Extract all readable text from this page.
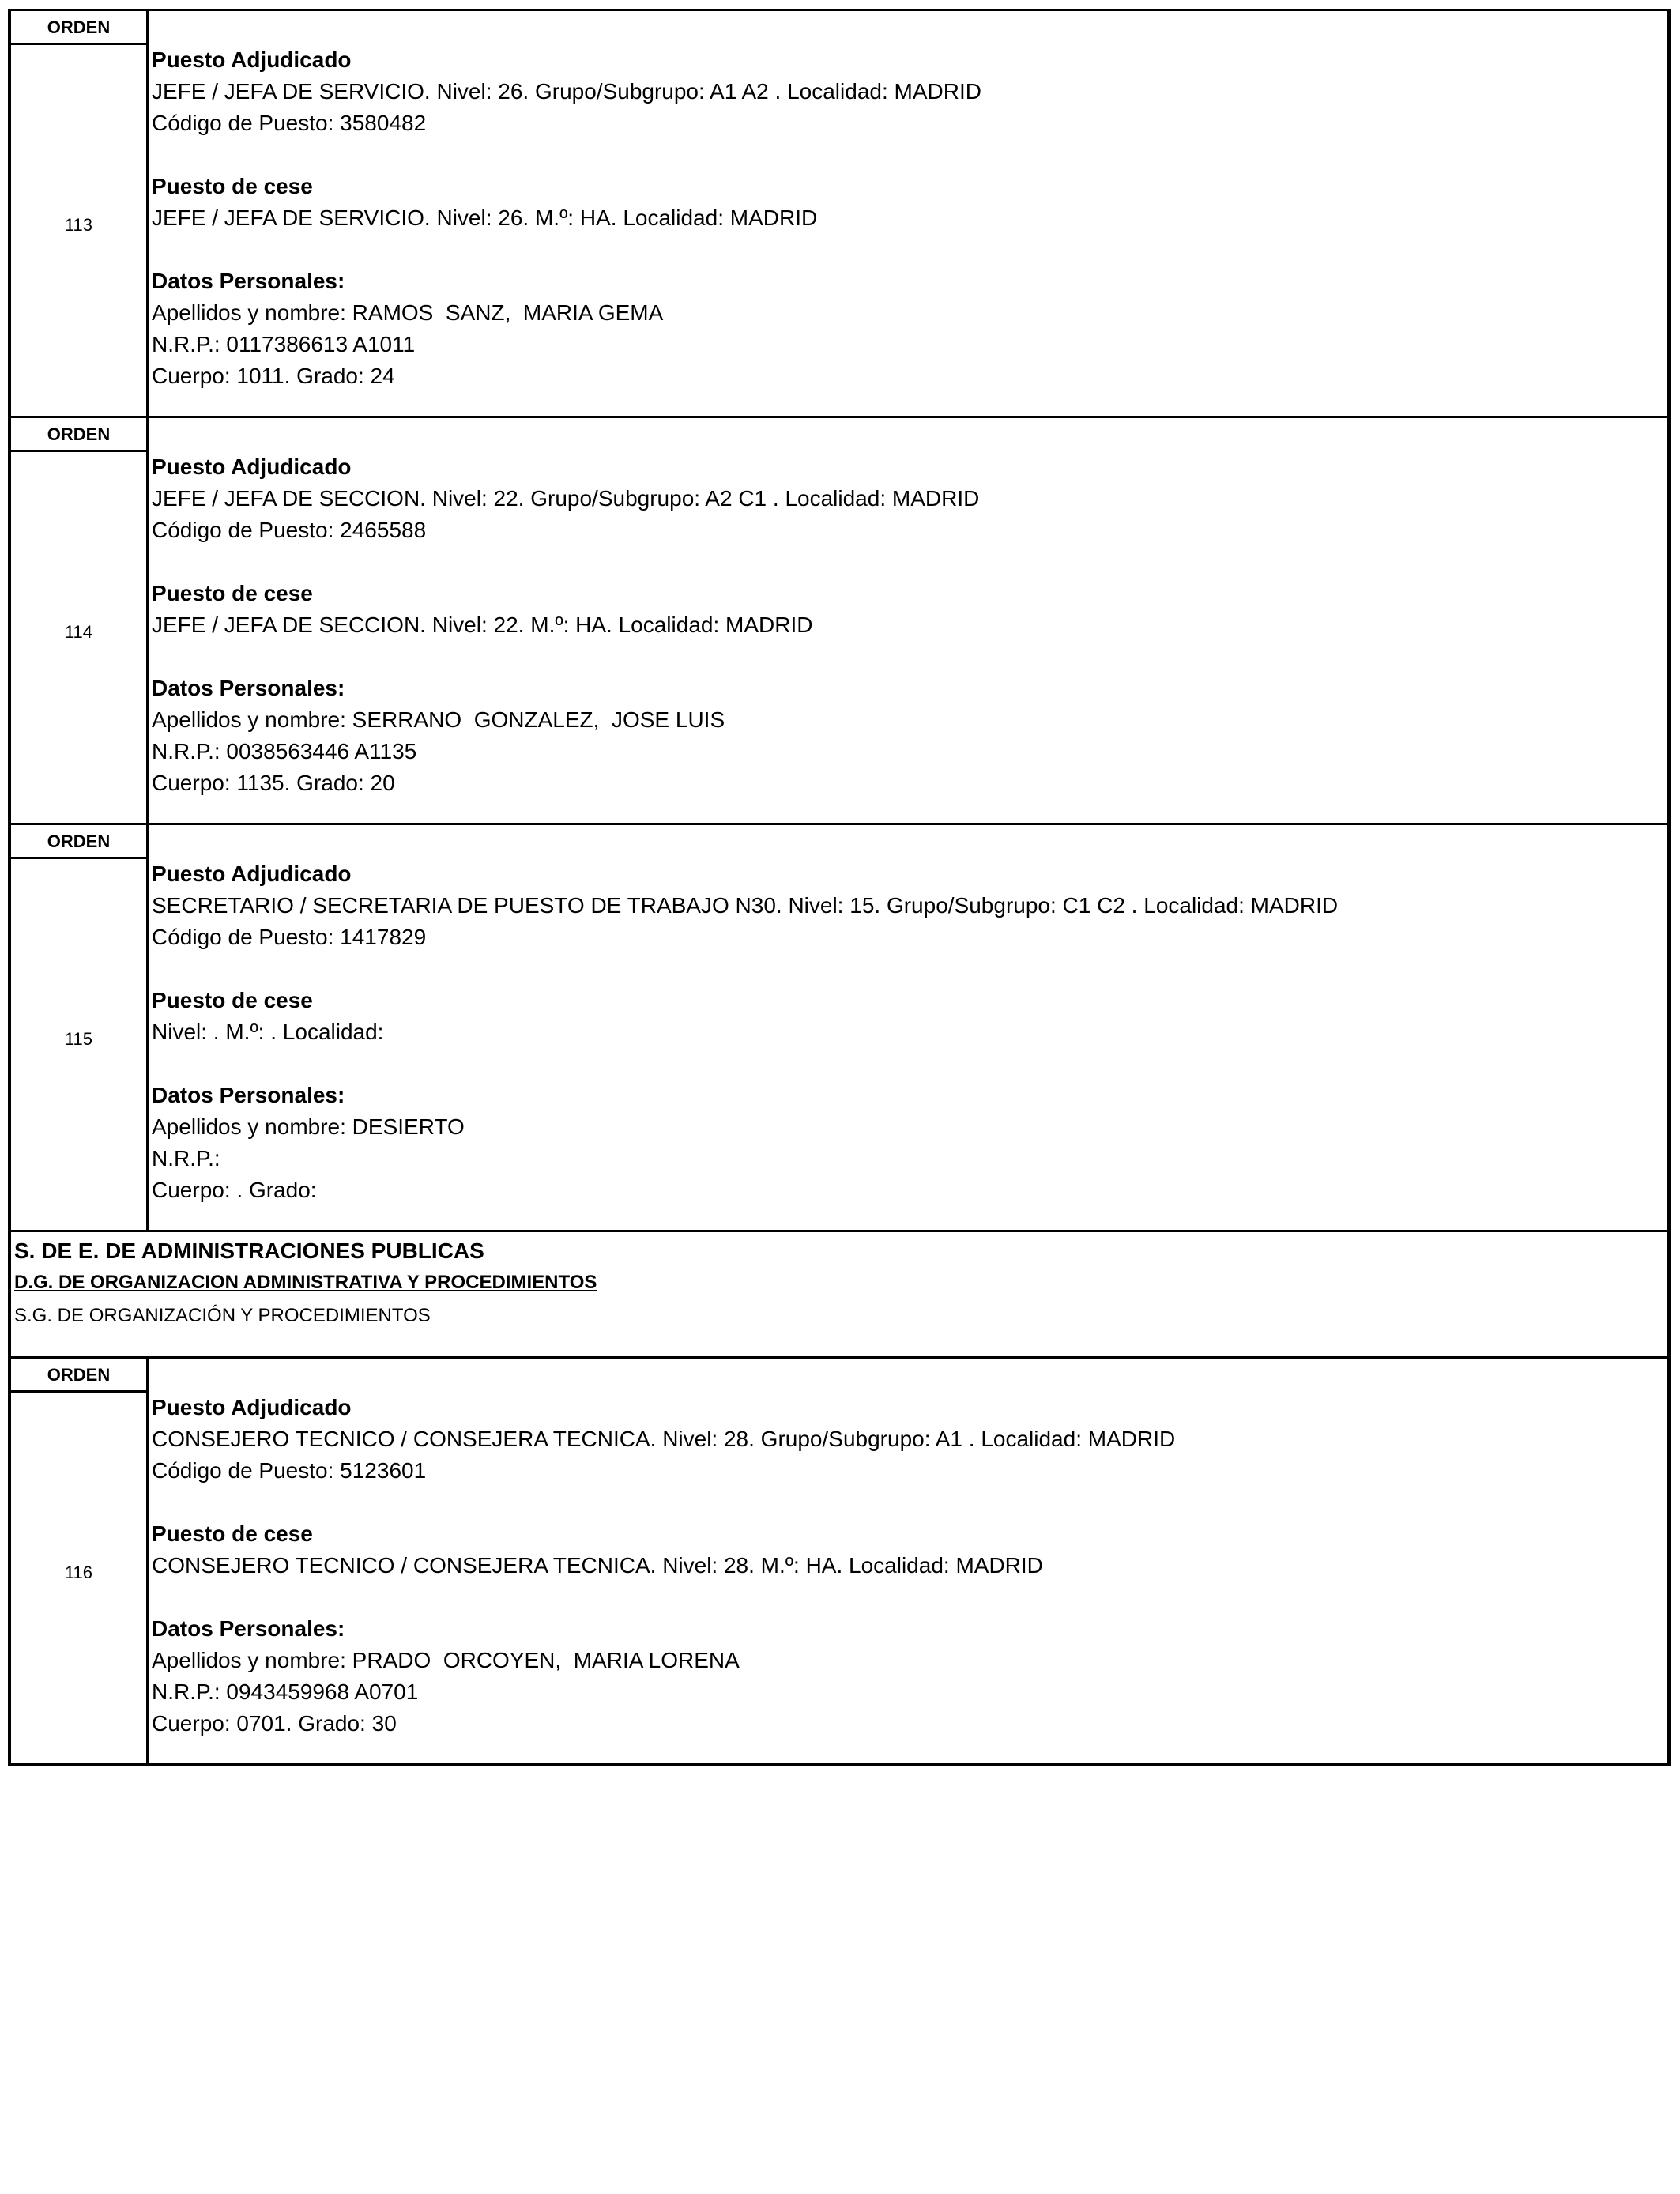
ORDEN
113
Puesto Adjudicado
JEFE / JEFA DE SERVICIO. Nivel: 26. Grupo/Subgrupo: A1 A2 . Localidad: MADRID
Código de Puesto: 3580482
Puesto de cese
JEFE / JEFA DE SERVICIO. Nivel: 26. M.º: HA. Localidad: MADRID
Datos Personales:
Apellidos y nombre: RAMOS  SANZ,  MARIA GEMA
N.R.P.: 0117386613 A1011
Cuerpo: 1011. Grado: 24
ORDEN
114
Puesto Adjudicado
JEFE / JEFA DE SECCION. Nivel: 22. Grupo/Subgrupo: A2 C1 . Localidad: MADRID
Código de Puesto: 2465588
Puesto de cese
JEFE / JEFA DE SECCION. Nivel: 22. M.º: HA. Localidad: MADRID
Datos Personales:
Apellidos y nombre: SERRANO  GONZALEZ,  JOSE LUIS
N.R.P.: 0038563446 A1135
Cuerpo: 1135. Grado: 20
ORDEN
115
Puesto Adjudicado
SECRETARIO / SECRETARIA DE PUESTO DE TRABAJO N30. Nivel: 15. Grupo/Subgrupo: C1 C2 . Localidad: MADRID
Código de Puesto: 1417829
Puesto de cese
Nivel: . M.º: . Localidad:
Datos Personales:
Apellidos y nombre: DESIERTO
N.R.P.:
Cuerpo: . Grado:
S. DE E. DE ADMINISTRACIONES PUBLICAS
D.G. DE ORGANIZACION ADMINISTRATIVA Y PROCEDIMIENTOS
S.G. DE ORGANIZACIÓN Y PROCEDIMIENTOS
ORDEN
116
Puesto Adjudicado
CONSEJERO TECNICO / CONSEJERA TECNICA. Nivel: 28. Grupo/Subgrupo: A1 . Localidad: MADRID
Código de Puesto: 5123601
Puesto de cese
CONSEJERO TECNICO / CONSEJERA TECNICA. Nivel: 28. M.º: HA. Localidad: MADRID
Datos Personales:
Apellidos y nombre: PRADO  ORCOYEN,  MARIA LORENA
N.R.P.: 0943459968 A0701
Cuerpo: 0701. Grado: 30
